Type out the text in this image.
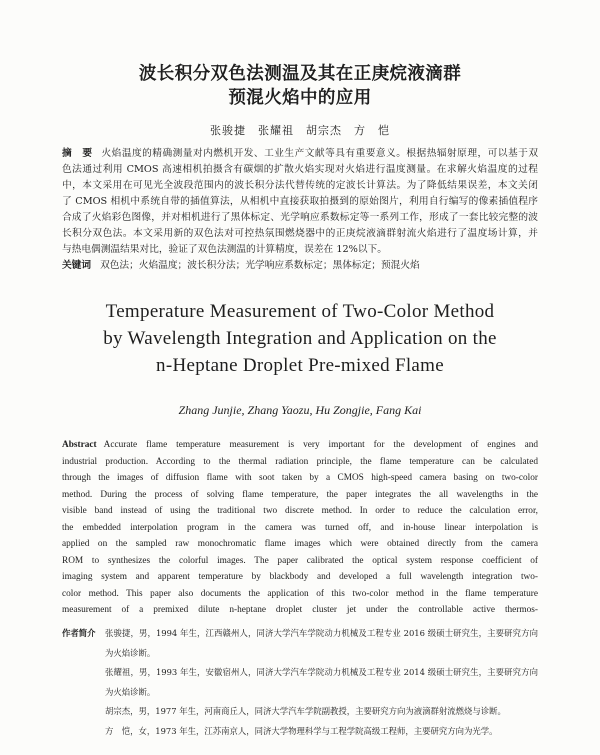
波长积分双色法测温及其在正庚烷液滴群
预混火焰中的应用
张骏捷　张耀祖　胡宗杰　方　恺
摘　要 火焰温度的精确测量对内燃机开发、工业生产文献等具有重要意义。根据热辐射原理，可以基于双
色法通过利用 CMOS 高速相机拍摄含有碳烟的扩散火焰实现对火焰进行温度测量。在求解火焰温度的过程
中，本文采用在可见光全波段范围内的波长积分法代替传统的定波长计算法。为了降低结果误差，本文关闭
了 CMOS 相机中系统自带的插值算法，从相机中直接获取拍摄到的原始图片，利用自行编写的像素插值程序
合成了火焰彩色图像，并对相机进行了黑体标定、光学响应系数标定等一系列工作，形成了一套比较完整的波
长积分双色法。本文采用新的双色法对可控热氛围燃烧器中的正庚烷液滴群射流火焰进行了温度场计算，并
与热电偶测温结果对比，验证了双色法测温的计算精度，误差在 12%以下。
关键词 双色法；火焰温度；波长积分法；光学响应系数标定；黑体标定；预混火焰
Temperature Measurement of Two-Color Method
by Wavelength Integration and Application on the
n-Heptane Droplet Pre-mixed Flame
Zhang Junjie, Zhang Yaozu, Hu Zongjie, Fang Kai
Abstract Accurate flame temperature measurement is very important for the development of engines and
industrial production. According to the thermal radiation principle, the flame temperature can be calculated
through the images of diffusion flame with soot taken by a CMOS high-speed camera basing on two-color
method. During the process of solving flame temperature, the paper integrates the all wavelengths in the
visible band instead of using the traditional two discrete method. In order to reduce the calculation error,
the embedded interpolation program in the camera was turned off, and in-house linear interpolation is
applied on the sampled raw monochromatic flame images which were obtained directly from the camera
ROM to synthesizes the colorful images. The paper calibrated the optical system response coefficient of
imaging system and apparent temperature by blackbody and developed a full wavelength integration two-
color method. This paper also documents the application of this two-color method in the flame temperature
measurement of a premixed dilute n-heptane droplet cluster jet under the controllable active thermos-
作者简介	张骏捷，男，1994 年生，江西赣州人，同济大学汽车学院动力机械及工程专业 2016 级硕士研究生，主要研究方向
为火焰诊断。
张耀祖，男，1993 年生，安徽宿州人，同济大学汽车学院动力机械及工程专业 2014 级硕士研究生，主要研究方向
为火焰诊断。
胡宗杰，男，1977 年生，河南商丘人，同济大学汽车学院副教授，主要研究方向为液滴群射流燃烧与诊断。
方　恺，女，1973 年生，江苏南京人，同济大学物理科学与工程学院高级工程师，主要研究方向为光学。
